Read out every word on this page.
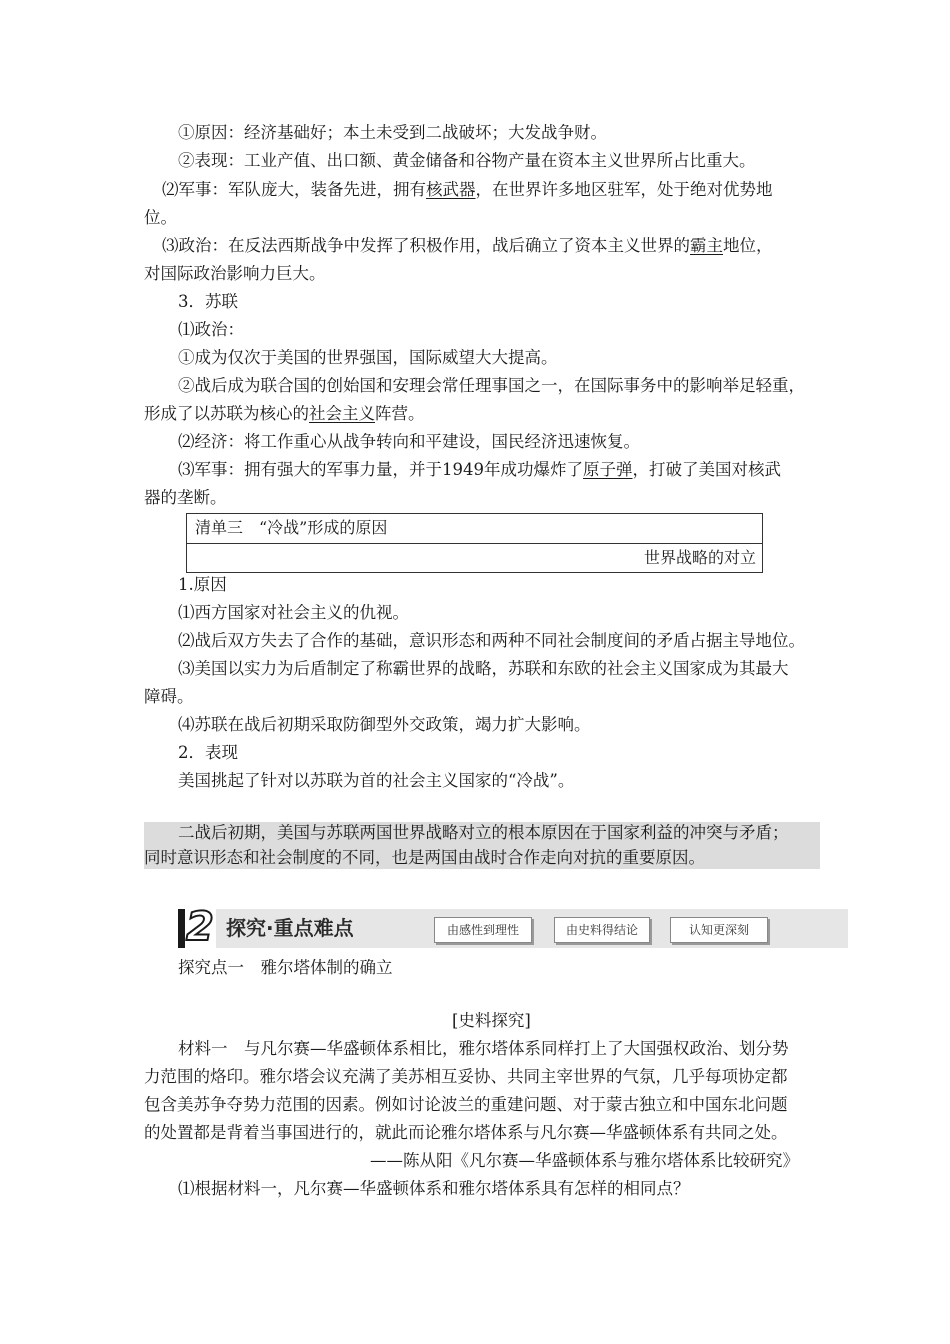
①原因：经济基础好；本土未受到二战破坏；大发战争财。
②表现：工业产值、出口额、黄金储备和谷物产量在资本主义世界所占比重大。
⑵军事：军队庞大，装备先进，拥有核武器，在世界许多地区驻军，处于绝对优势地
位。
⑶政治：在反法西斯战争中发挥了积极作用，战后确立了资本主义世界的霸主地位，
对国际政治影响力巨大。
3．苏联
⑴政治：
①成为仅次于美国的世界强国，国际威望大大提高。
②战后成为联合国的创始国和安理会常任理事国之一，在国际事务中的影响举足轻重，
形成了以苏联为核心的社会主义阵营。
⑵经济：将工作重心从战争转向和平建设，国民经济迅速恢复。
⑶军事：拥有强大的军事力量，并于1949年成功爆炸了原子弹，打破了美国对核武
器的垄断。
清单三　“冷战”形成的原因
世界战略的对立
1.原因
⑴西方国家对社会主义的仇视。
⑵战后双方失去了合作的基础，意识形态和两种不同社会制度间的矛盾占据主导地位。
⑶美国以实力为后盾制定了称霸世界的战略，苏联和东欧的社会主义国家成为其最大
障碍。
⑷苏联在战后初期采取防御型外交政策，竭力扩大影响。
2．表现
美国挑起了针对以苏联为首的社会主义国家的“冷战”。
二战后初期，美国与苏联两国世界战略对立的根本原因在于国家利益的冲突与矛盾；
同时意识形态和社会制度的不同，也是两国由战时合作走向对抗的重要原因。
2 探究·重点难点	由感性到理性	由史料得结论	认知更深刻
探究点一　雅尔塔体制的确立
[史料探究]
材料一　与凡尔赛—华盛顿体系相比，雅尔塔体系同样打上了大国强权政治、划分势
力范围的烙印。雅尔塔会议充满了美苏相互妥协、共同主宰世界的气氛，几乎每项协定都
包含美苏争夺势力范围的因素。例如讨论波兰的重建问题、对于蒙古独立和中国东北问题
的处置都是背着当事国进行的，就此而论雅尔塔体系与凡尔赛—华盛顿体系有共同之处。
——陈从阳《凡尔赛—华盛顿体系与雅尔塔体系比较研究》
⑴根据材料一，凡尔赛—华盛顿体系和雅尔塔体系具有怎样的相同点？
